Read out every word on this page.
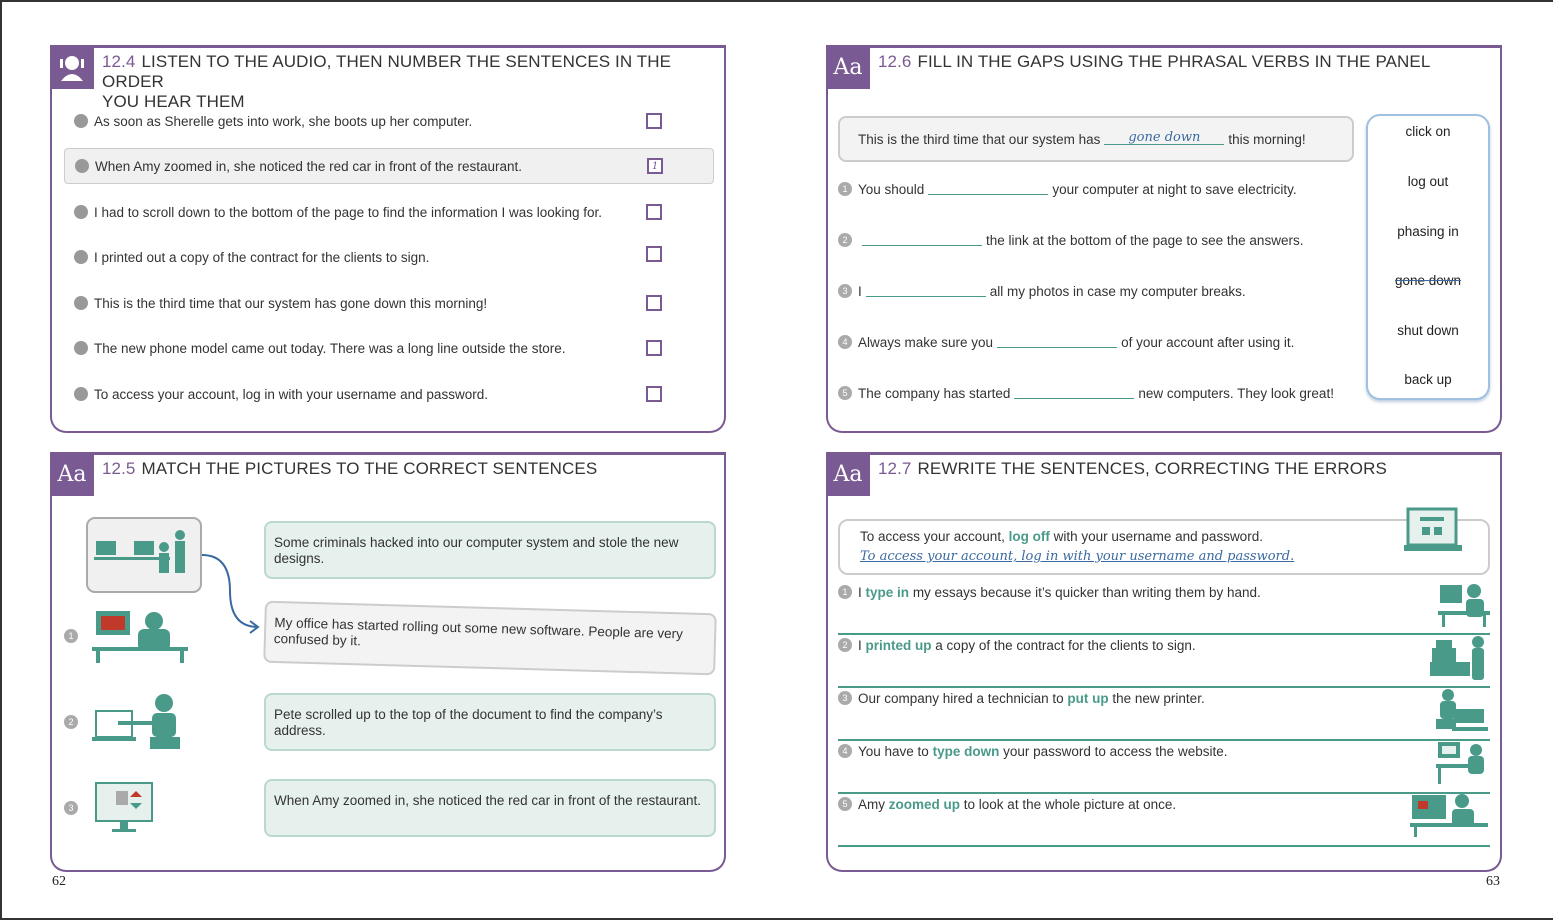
12.4 LISTEN TO THE AUDIO, THEN NUMBER THE SENTENCES IN THE ORDER
YOU HEAR THEM
As soon as Sherelle gets into work, she boots up her computer.
When Amy zoomed in, she noticed the red car in front of the restaurant.	1
I had to scroll down to the bottom of the page to find the information I was looking for.
I printed out a copy of the contract for the clients to sign.
This is the third time that our system has gone down this morning!
The new phone model came out today. There was a long line outside the store.
To access your account, log in with your username and password.
Aa 12.6 FILL IN THE GAPS USING THE PHRASAL VERBS IN THE PANEL
This is the third time that our system has	gone down	this morning!
1 You should	your computer at night to save electricity.
2	the link at the bottom of the page to see the answers.
3 I	all my photos in case my computer breaks.
4 Always make sure you	of your account after using it.
5 The company has started	new computers. They look great!
click on
log out
phasing in
gone down
shut down
back up
Aa 12.5 MATCH THE PICTURES TO THE CORRECT SENTENCES
1
2
3
Some criminals hacked into our computer system and stole the new designs.
My office has started rolling out some new software. People are very confused by it.
Pete scrolled up to the top of the document to find the company’s address.
When Amy zoomed in, she noticed the red car in front of the restaurant.
Aa 12.7 REWRITE THE SENTENCES, CORRECTING THE ERRORS
To access your account, log off with your username and password.
To access your account, log in with your username and password.
1 I type in my essays because it’s quicker than writing them by hand.
2 I printed up a copy of the contract for the clients to sign.
3 Our company hired a technician to put up the new printer.
4 You have to type down your password to access the website.
5 Amy zoomed up to look at the whole picture at once.
62	63
